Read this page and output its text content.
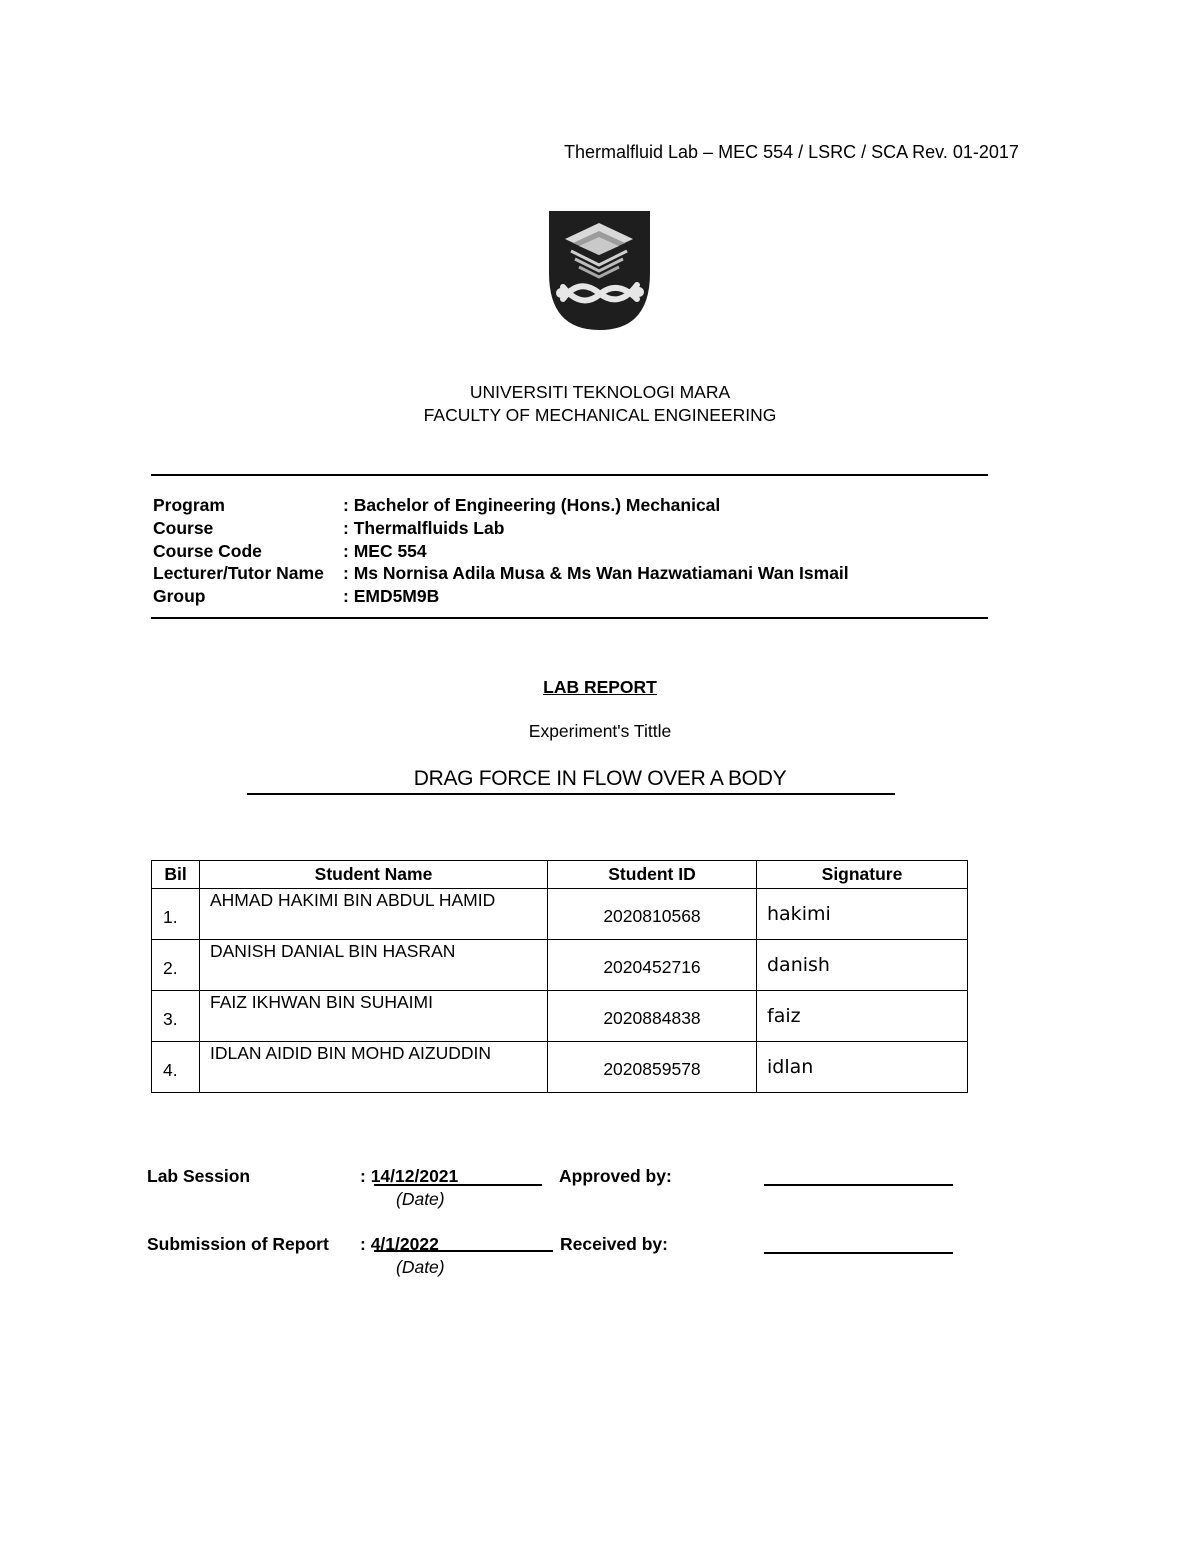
Thermalfluid Lab – MEC 554 / LSRC / SCA Rev. 01-2017
UNIVERSITI TEKNOLOGI MARA
FACULTY OF MECHANICAL ENGINEERING
Program	: Bachelor of Engineering (Hons.) Mechanical
Course	: Thermalfluids Lab
Course Code	: MEC 554
Lecturer/Tutor Name	: Ms Nornisa Adila Musa & Ms Wan Hazwatiamani Wan Ismail
Group	: EMD5M9B
LAB REPORT
Experiment's Tittle
DRAG FORCE IN FLOW OVER A BODY
Bil	Student Name	Student ID	Signature
1.	AHMAD HAKIMI BIN ABDUL HAMID	2020810568	hakimi
2.	DANISH DANIAL BIN HASRAN	2020452716	danish
3.	FAIZ IKHWAN BIN SUHAIMI	2020884838	faiz
4.	IDLAN AIDID BIN MOHD AIZUDDIN	2020859578	idlan
Lab Session	: 14/12/2021
(Date)
Approved by:
Submission of Report : 4/1/2022
(Date)
Received by:
